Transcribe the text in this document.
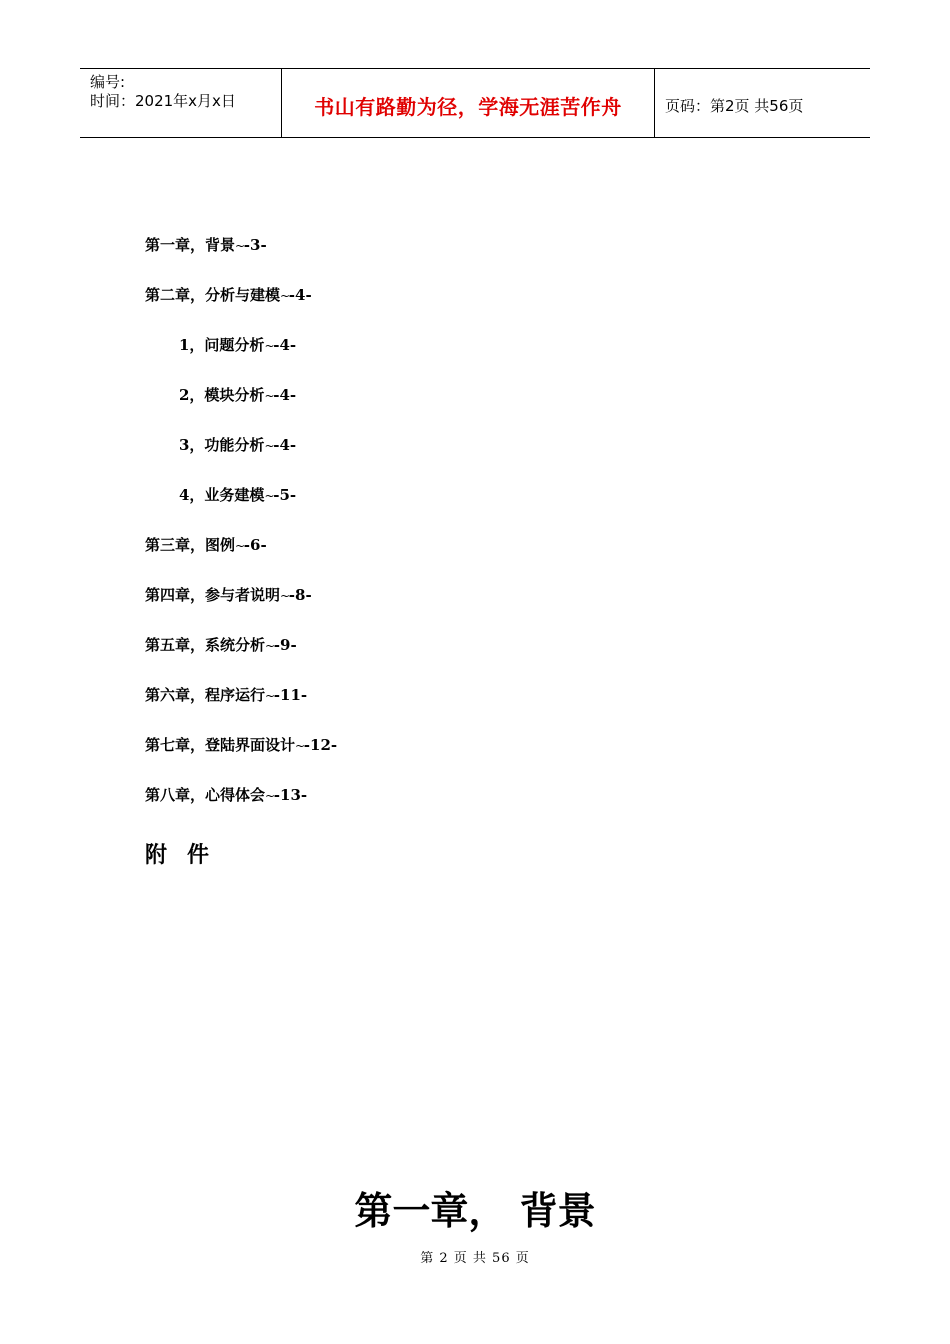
编号:
时间：2021年x月x日	书山有路勤为径，学海无涯苦作舟	页码：第2页 共56页
第一章，背景~-3-
第二章，分析与建模~-4-
1，问题分析~-4-
2，模块分析~-4-
3，功能分析~-4-
4，业务建模~-5-
第三章，图例~-6-
第四章，参与者说明~-8-
第五章，系统分析~-9-
第六章，程序运行~-11-
第七章，登陆界面设计~-12-
第八章，心得体会~-13-
附件
第一章， 背景
第 2 页 共 56 页
